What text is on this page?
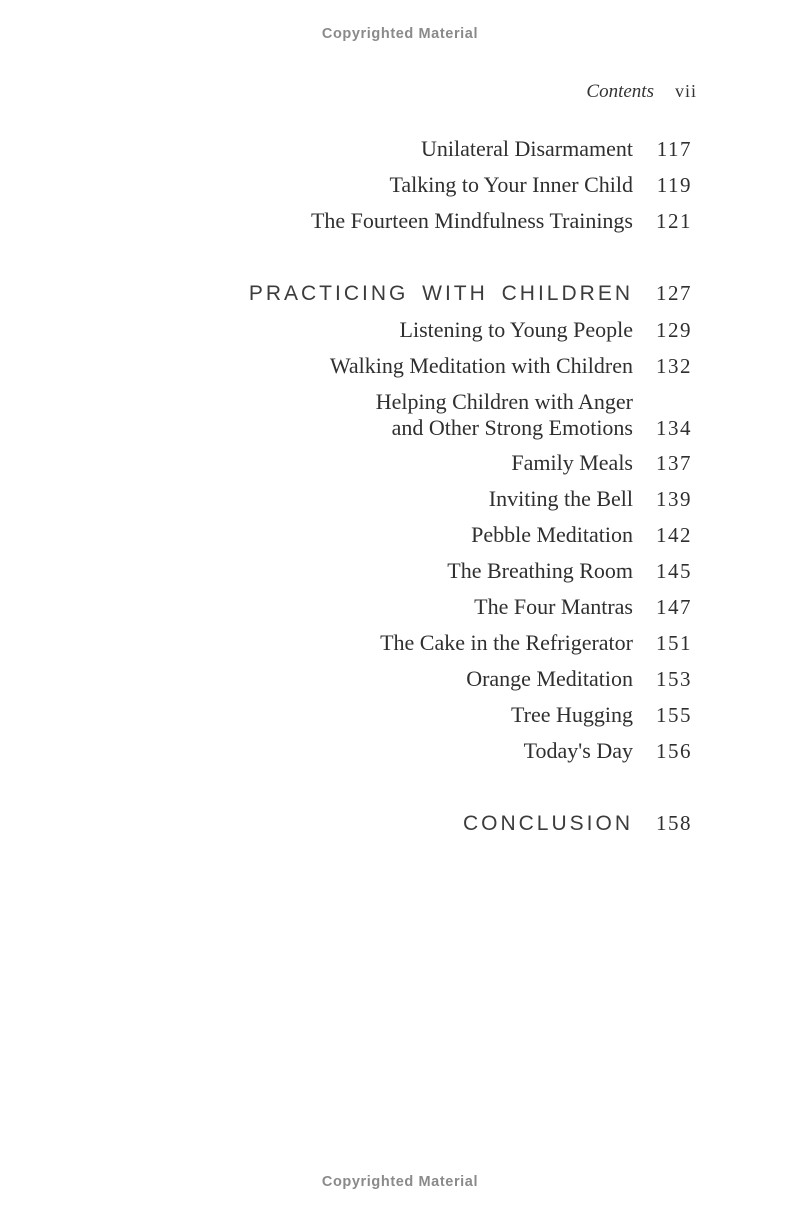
Copyrighted Material
Contents vii
Unilateral Disarmament	117
Talking to Your Inner Child	119
The Fourteen Mindfulness Trainings	121
PRACTICING WITH CHILDREN	127
Listening to Young People	129
Walking Meditation with Children	132
Helping Children with Anger
and Other Strong Emotions	134
Family Meals	137
Inviting the Bell	139
Pebble Meditation	142
The Breathing Room	145
The Four Mantras	147
The Cake in the Refrigerator	151
Orange Meditation	153
Tree Hugging	155
Today's Day	156
CONCLUSION	158
Copyrighted Material
